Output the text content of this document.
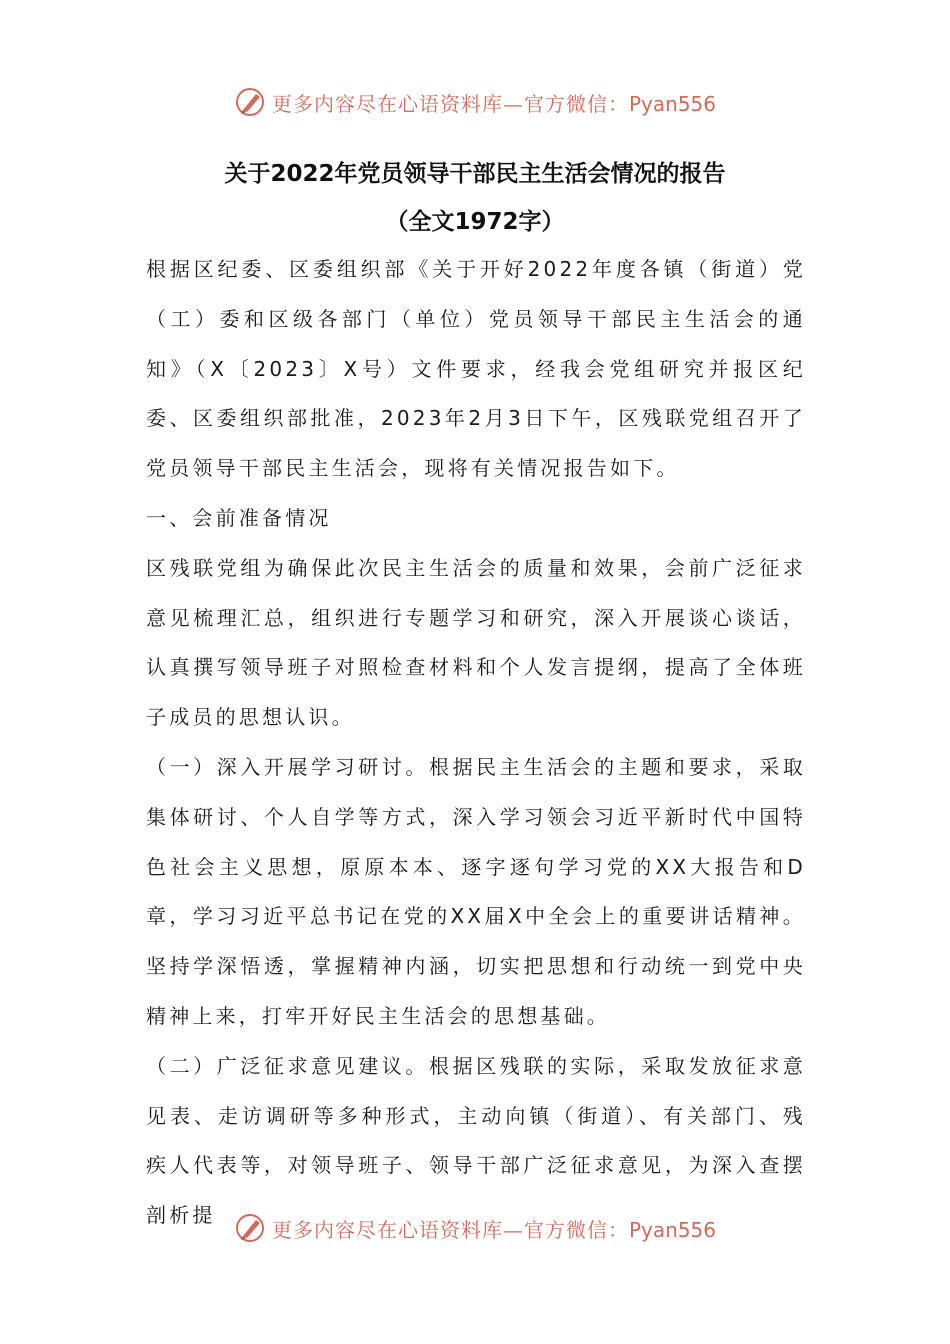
更多内容尽在心语资料库—官方微信：Pyan556
关于2022年党员领导干部民主生活会情况的报告
（全文1972字）

根据区纪委、区委组织部《关于开好2022年度各镇（街道）党（工）委和区级各部门（单位）党员领导干部民主生活会的通知》（X〔2023〕X号）文件要求，经我会党组研究并报区纪委、区委组织部批准，2023年2月3日下午，区残联党组召开了党员领导干部民主生活会，现将有关情况报告如下。

一、会前准备情况

区残联党组为确保此次民主生活会的质量和效果，会前广泛征求意见梳理汇总，组织进行专题学习和研究，深入开展谈心谈话，认真撰写领导班子对照检查材料和个人发言提纲，提高了全体班子成员的思想认识。

（一）深入开展学习研讨。根据民主生活会的主题和要求，采取集体研讨、个人自学等方式，深入学习领会习近平新时代中国特色社会主义思想，原原本本、逐字逐句学习党的XX大报告和D章，学习习近平总书记在党的XX届X中全会上的重要讲话精神。坚持学深悟透，掌握精神内涵，切实把思想和行动统一到党中央精神上来，打牢开好民主生活会的思想基础。

（二）广泛征求意见建议。根据区残联的实际，采取发放征求意见表、走访调研等多种形式，主动向镇（街道）、有关部门、残疾人代表等，对领导班子、领导干部广泛征求意见，为深入查摆剖析提

更多内容尽在心语资料库—官方微信：Pyan556
